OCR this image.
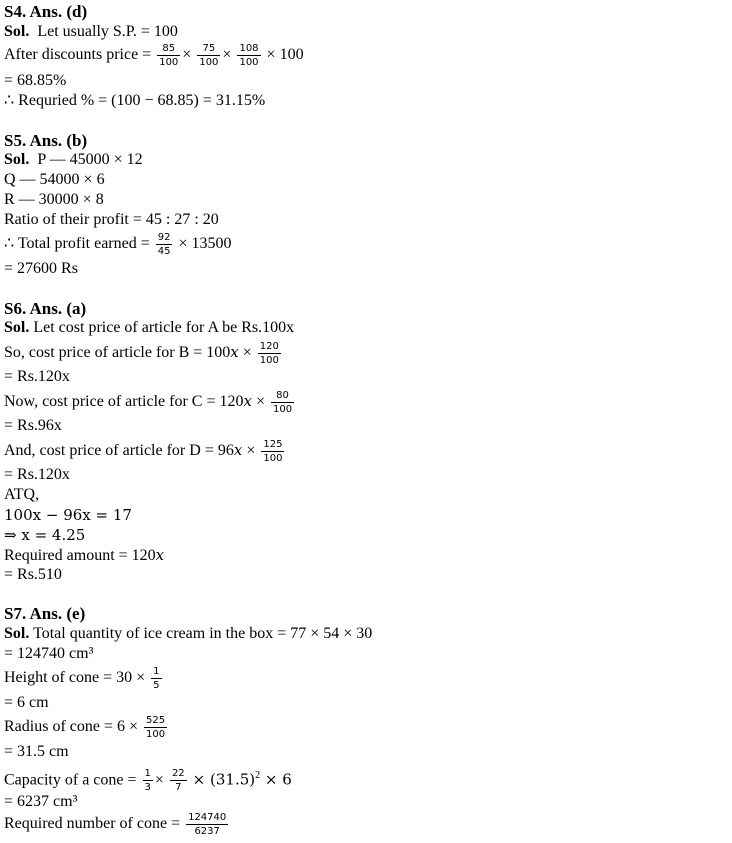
S4. Ans. (d)
Sol. Let usually S.P. = 100
After discounts price = $\frac{85}{100} \times \frac{75}{100} \times \frac{108}{100} \times 100$
= 68.85%
∴ Requried % = (100 − 68.85) = 31.15%
S5. Ans. (b)
Sol. P — 45000 × 12
Q — 54000 × 6
R — 30000 × 8
Ratio of their profit = 45 : 27 : 20
∴ Total profit earned = $\frac{92}{45} \times 13500$
= 27600 Rs
S6. Ans. (a)
Sol. Let cost price of article for A be Rs.100x
So, cost price of article for $B = 100x \times \frac{120}{100}$
= Rs.120x
Now, cost price of article for $C = 120x \times \frac{80}{100}$
= Rs.96x
And, cost price of article for $D = 96x \times \frac{125}{100}$
= Rs.120x
ATQ,
100x − 96x = 17
⇒ x = 4.25
Required amount = 120x
= Rs.510
S7. Ans. (e)
Sol. Total quantity of ice cream in the box = 77 × 54 × 30
= 124740 cm³
Height of cone = $30 \times \frac{1}{5}$
= 6 cm
Radius of cone = $6 \times \frac{525}{100}$
= 31.5 cm
Capacity of a cone = $\frac{1}{3} \times \frac{22}{7} \times (31.5)^2 \times 6$
= 6237 cm³
Required number of cone = $\frac{124740}{6237}$
